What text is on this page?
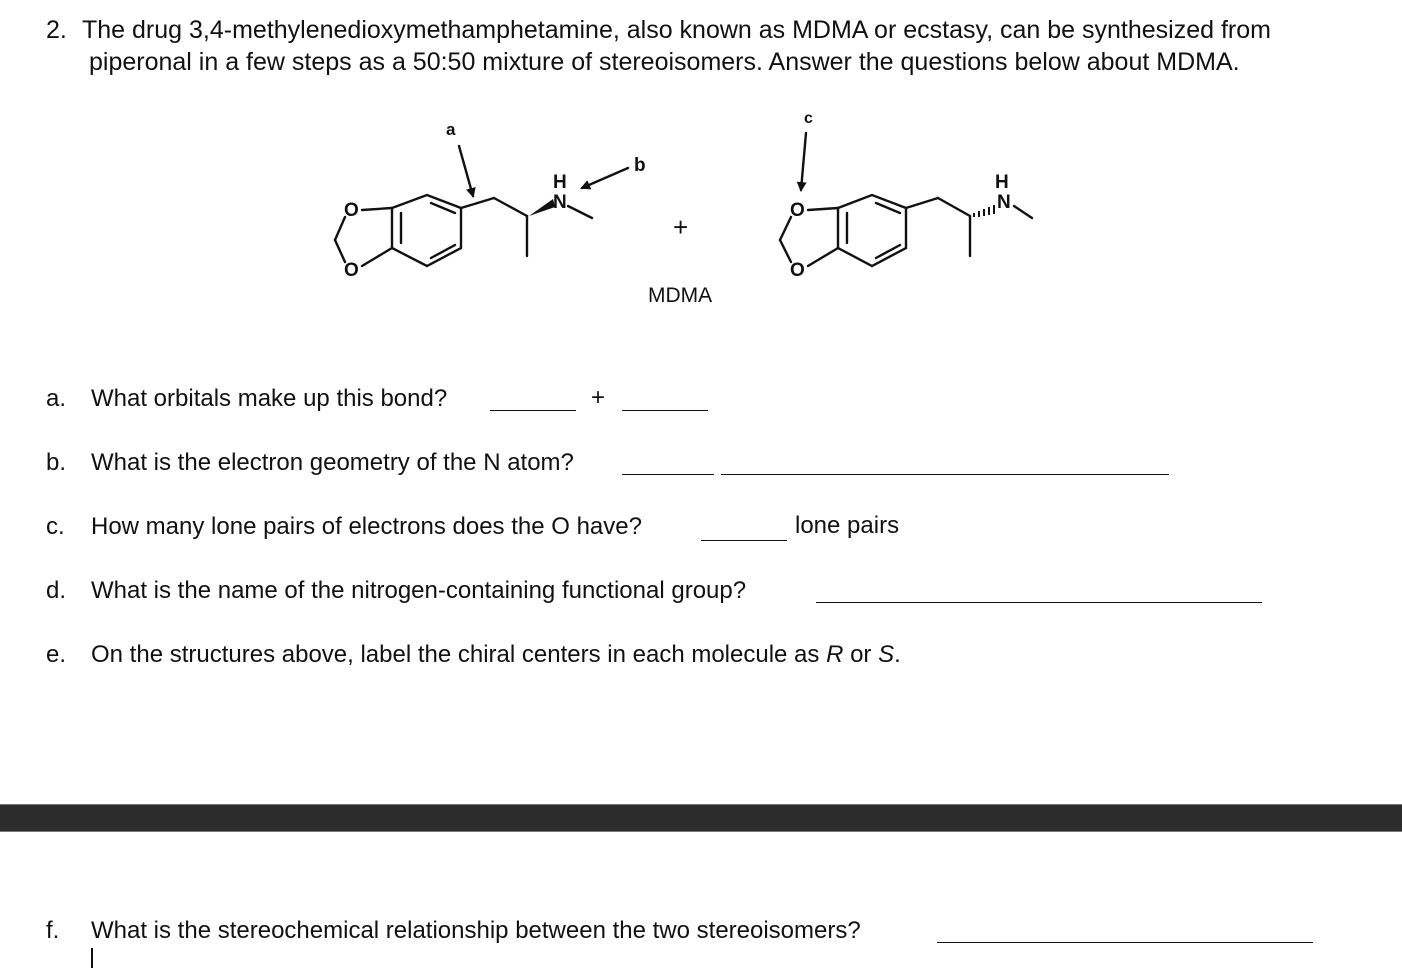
2. The drug 3,4-methylenedioxymethamphetamine, also known as MDMA or ecstasy, can be synthesized from
piperonal in a few steps as a 50:50 mixture of stereoisomers. Answer the questions below about MDMA.
O
O
O
O
N
H
N
H
a
b
c
+
MDMA
a. What orbitals make up this bond?	+
b. What is the electron geometry of the N atom?
c. How many lone pairs of electrons does the O have?	lone pairs
d. What is the name of the nitrogen-containing functional group?
e. On the structures above, label the chiral centers in each molecule as R or S.
f. What is the stereochemical relationship between the two stereoisomers?
